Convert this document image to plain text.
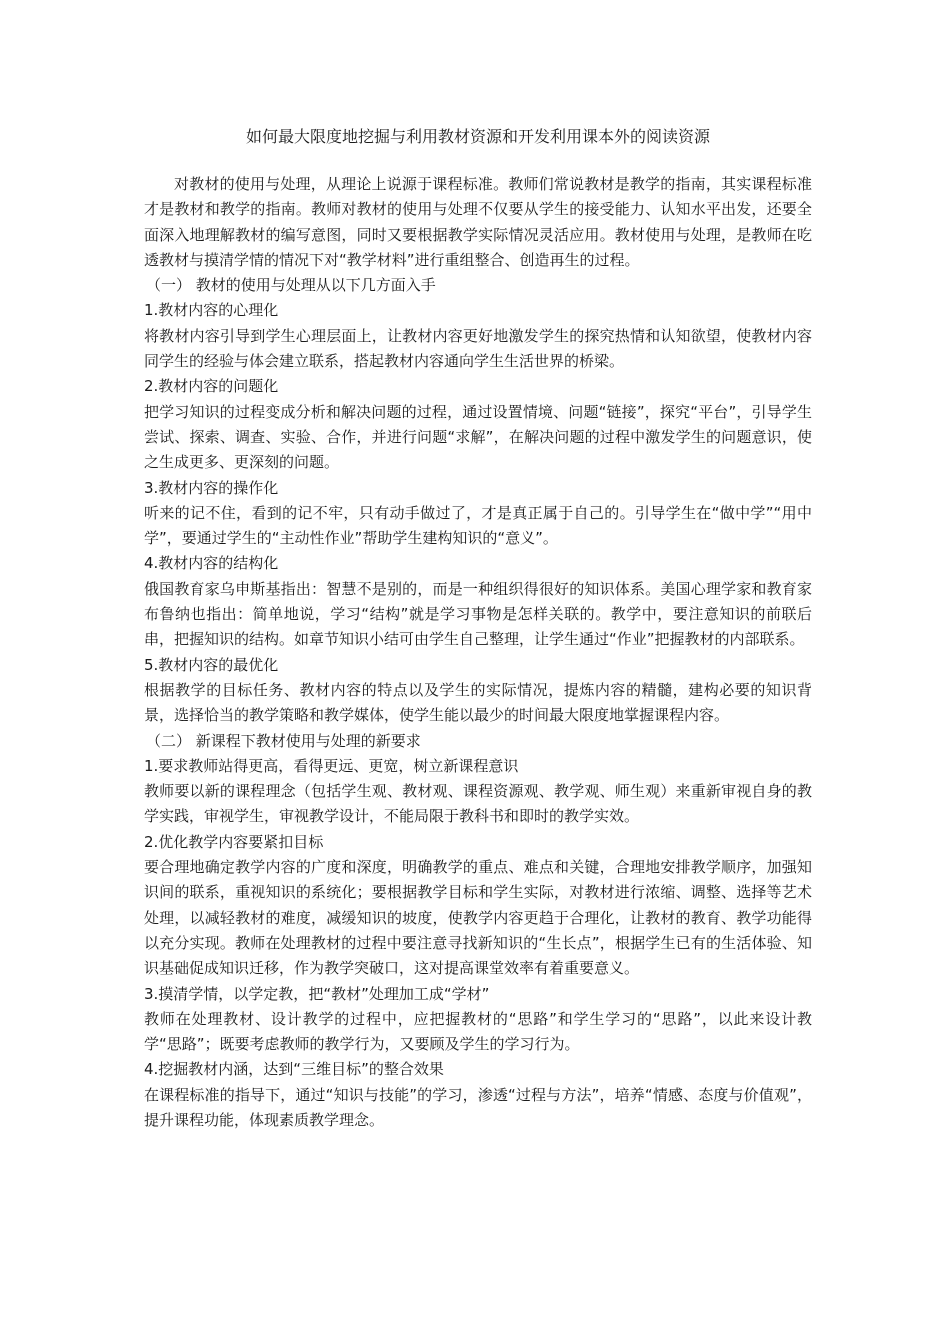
如何最大限度地挖掘与利用教材资源和开发利用课本外的阅读资源

对教材的使用与处理，从理论上说源于课程标准。教师们常说教材是教学的指南，其实课程标准才是教材和教学的指南。教师对教材的使用与处理不仅要从学生的接受能力、认知水平出发，还要全面深入地理解教材的编写意图，同时又要根据教学实际情况灵活应用。教材使用与处理，是教师在吃透教材与摸清学情的情况下对“教学材料”进行重组整合、创造再生的过程。

（一） 教材的使用与处理从以下几方面入手

1.教材内容的心理化

将教材内容引导到学生心理层面上，让教材内容更好地激发学生的探究热情和认知欲望，使教材内容同学生的经验与体会建立联系，搭起教材内容通向学生生活世界的桥梁。

2.教材内容的问题化

把学习知识的过程变成分析和解决问题的过程，通过设置情境、问题“链接”，探究“平台”，引导学生尝试、探索、调查、实验、合作，并进行问题“求解”，在解决问题的过程中激发学生的问题意识，使之生成更多、更深刻的问题。

3.教材内容的操作化

听来的记不住，看到的记不牢，只有动手做过了，才是真正属于自己的。引导学生在“做中学”“用中学”，要通过学生的“主动性作业”帮助学生建构知识的“意义”。

4.教材内容的结构化

俄国教育家乌申斯基指出：智慧不是别的，而是一种组织得很好的知识体系。美国心理学家和教育家布鲁纳也指出：简单地说，学习“结构”就是学习事物是怎样关联的。教学中，要注意知识的前联后串，把握知识的结构。如章节知识小结可由学生自己整理，让学生通过“作业”把握教材的内部联系。

5.教材内容的最优化

根据教学的目标任务、教材内容的特点以及学生的实际情况，提炼内容的精髓，建构必要的知识背景，选择恰当的教学策略和教学媒体，使学生能以最少的时间最大限度地掌握课程内容。

（二） 新课程下教材使用与处理的新要求

1.要求教师站得更高，看得更远、更宽，树立新课程意识

教师要以新的课程理念（包括学生观、教材观、课程资源观、教学观、师生观）来重新审视自身的教学实践，审视学生，审视教学设计，不能局限于教科书和即时的教学实效。

2.优化教学内容要紧扣目标

要合理地确定教学内容的广度和深度，明确教学的重点、难点和关键，合理地安排教学顺序，加强知识间的联系，重视知识的系统化；要根据教学目标和学生实际，对教材进行浓缩、调整、选择等艺术处理，以减轻教材的难度，减缓知识的坡度，使教学内容更趋于合理化，让教材的教育、教学功能得以充分实现。教师在处理教材的过程中要注意寻找新知识的“生长点”，根据学生已有的生活体验、知识基础促成知识迁移，作为教学突破口，这对提高课堂效率有着重要意义。

3.摸清学情，以学定教，把“教材”处理加工成“学材”

教师在处理教材、设计教学的过程中，应把握教材的“思路”和学生学习的“思路”，以此来设计教学“思路”；既要考虑教师的教学行为，又要顾及学生的学习行为。

4.挖掘教材内涵，达到“三维目标”的整合效果

在课程标准的指导下，通过“知识与技能”的学习，渗透“过程与方法”，培养“情感、态度与价值观”，提升课程功能，体现素质教学理念。
